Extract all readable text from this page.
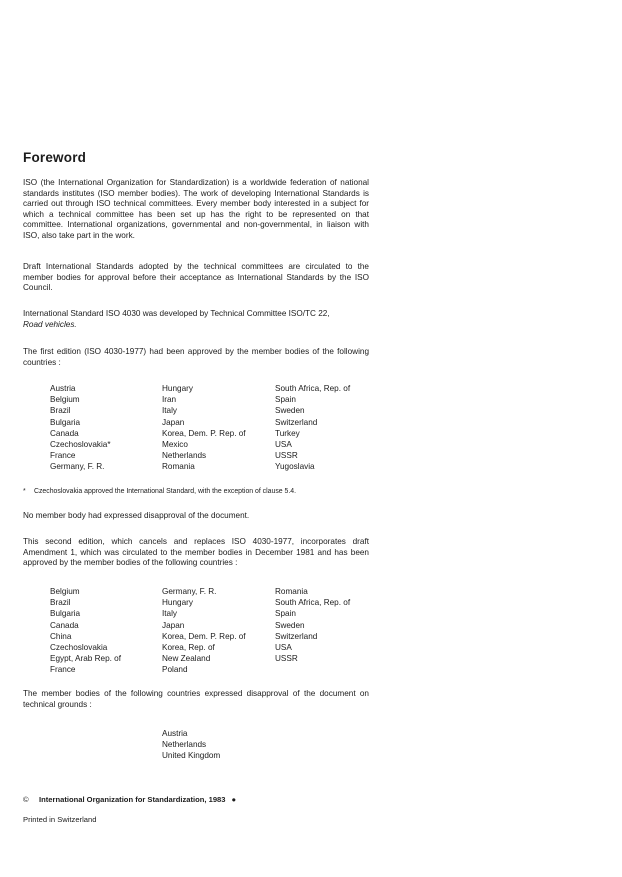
Foreword

ISO (the International Organization for Standardization) is a worldwide federation of national standards institutes (ISO member bodies). The work of developing International Standards is carried out through ISO technical committees. Every member body interested in a subject for which a technical committee has been set up has the right to be represented on that committee. International organizations, governmental and non-governmental, in liaison with ISO, also take part in the work.

Draft International Standards adopted by the technical committees are circulated to the member bodies for approval before their acceptance as International Standards by the ISO Council.

International Standard ISO 4030 was developed by Technical Committee ISO/TC 22,
Road vehicles.

The first edition (ISO 4030-1977) had been approved by the member bodies of the following countries :

Austria
Belgium
Brazil
Bulgaria
Canada
Czechoslovakia*
France
Germany, F. R.
Hungary
Iran
Italy
Japan
Korea, Dem. P. Rep. of
Mexico
Netherlands
Romania
South Africa, Rep. of
Spain
Sweden
Switzerland
Turkey
USA
USSR
Yugoslavia

* Czechoslovakia approved the International Standard, with the exception of clause 5.4.

No member body had expressed disapproval of the document.

This second edition, which cancels and replaces ISO 4030-1977, incorporates draft Amendment 1, which was circulated to the member bodies in December 1981 and has been approved by the member bodies of the following countries :

Belgium
Brazil
Bulgaria
Canada
China
Czechoslovakia
Egypt, Arab Rep. of
France
Germany, F. R.
Hungary
Italy
Japan
Korea, Dem. P. Rep. of
Korea, Rep. of
New Zealand
Poland
Romania
South Africa, Rep. of
Spain
Sweden
Switzerland
USA
USSR

The member bodies of the following countries expressed disapproval of the document on technical grounds :

Austria
Netherlands
United Kingdom

© International Organization for Standardization, 1983 ●

Printed in Switzerland
